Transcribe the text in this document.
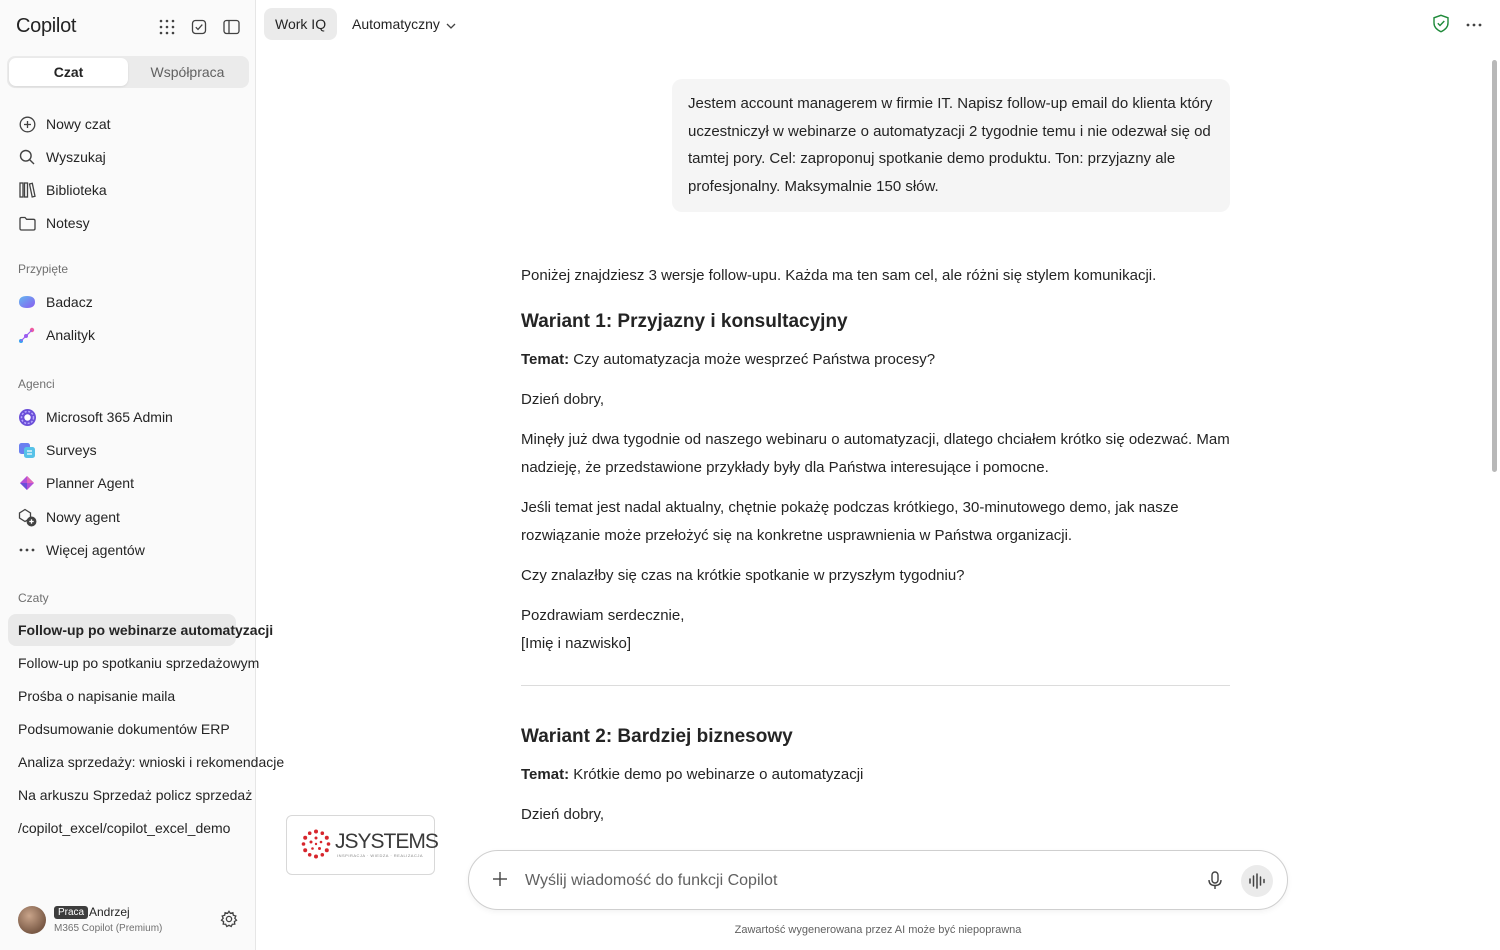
Copilot
Czat	Współpraca
Nowy czat
Wyszukaj
Biblioteka
Notesy
Przypięte
Badacz
Analityk
Agenci
Microsoft 365 Admin
Surveys
Planner Agent
Nowy agent
Więcej agentów
Czaty
Follow-up po webinarze automatyzacji
Follow-up po spotkaniu sprzedażowym
Prośba o napisanie maila
Podsumowanie dokumentów ERP
Analiza sprzedaży: wnioski i rekomendacje
Na arkuszu Sprzedaż policz sprzedaż
/copilot_excel/copilot_excel_demo
Praca Andrzej
M365 Copilot (Premium)
Work IQ	Automatyczny
Jestem account managerem w firmie IT. Napisz follow-up email do klienta który uczestniczył w webinarze o automatyzacji 2 tygodnie temu i nie odezwał się od tamtej pory. Cel: zaproponuj spotkanie demo produktu. Ton: przyjazny ale profesjonalny. Maksymalnie 150 słów.
Poniżej znajdziesz 3 wersje follow-upu. Każda ma ten sam cel, ale różni się stylem komunikacji.
Wariant 1: Przyjazny i konsultacyjny
Temat: Czy automatyzacja może wesprzeć Państwa procesy?
Dzień dobry,
Minęły już dwa tygodnie od naszego webinaru o automatyzacji, dlatego chciałem krótko się odezwać. Mam nadzieję, że przedstawione przykłady były dla Państwa interesujące i pomocne.
Jeśli temat jest nadal aktualny, chętnie pokażę podczas krótkiego, 30-minutowego demo, jak nasze rozwiązanie może przełożyć się na konkretne usprawnienia w Państwa organizacji.
Czy znalazłby się czas na krótkie spotkanie w przyszłym tygodniu?
Pozdrawiam serdecznie,
[Imię i nazwisko]
Wariant 2: Bardziej biznesowy
Temat: Krótkie demo po webinarze o automatyzacji
Dzień dobry,
JSYSTEMS
INSPIRACJA · WIEDZA · REALIZACJA
Wyślij wiadomość do funkcji Copilot
Zawartość wygenerowana przez AI może być niepoprawna
